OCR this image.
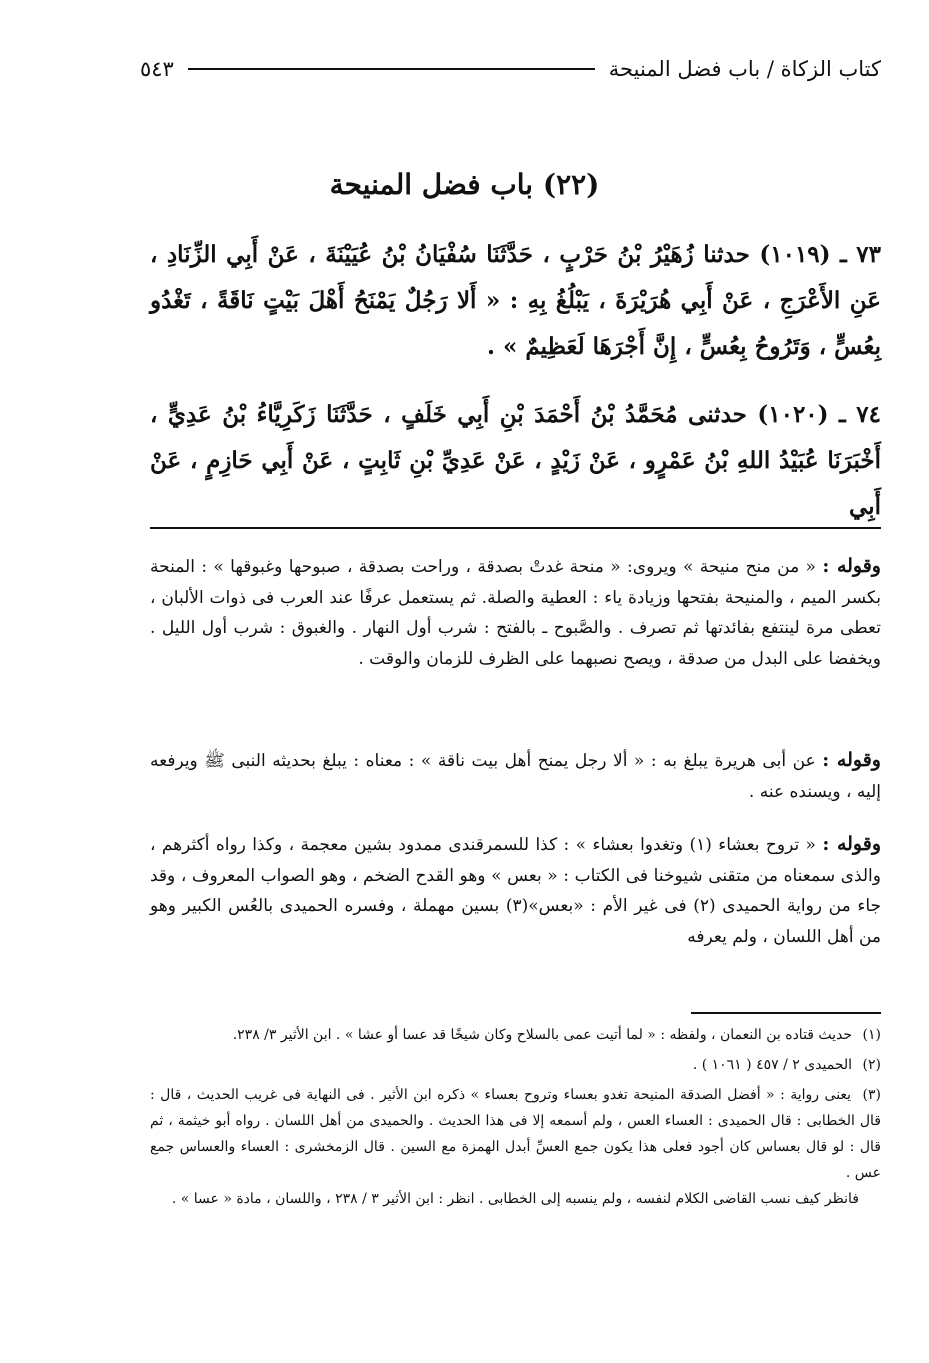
كتاب الزكاة / باب فضل المنيحة
٥٤٣
(٢٢) باب فضل المنيحة
٧٣ ـ (١٠١٩) حدثنا زُهَيْرُ بْنُ حَرْبٍ ، حَدَّثَنَا سُفْيَانُ بْنُ عُيَيْنَةَ ، عَنْ أَبِي الزِّنَادِ ، عَنِ الأَعْرَجِ ، عَنْ أَبِي هُرَيْرَةَ ، يَبْلُغُ بِهِ : « أَلا رَجُلٌ يَمْنَحُ أَهْلَ بَيْتٍ نَاقَةً ، تَغْدُو بِعُسٍّ ، وَتَرُوحُ بِعُسٍّ ، إِنَّ أَجْرَهَا لَعَظِيمٌ » .
٧٤ ـ (١٠٢٠) حدثنى مُحَمَّدُ بْنُ أَحْمَدَ بْنِ أَبِي خَلَفٍ ، حَدَّثَنَا زَكَرِيَّاءُ بْنُ عَدِيٍّ ، أَخْبَرَنَا عُبَيْدُ اللهِ بْنُ عَمْرٍو ، عَنْ زَيْدٍ ، عَنْ عَدِيِّ بْنِ ثَابِتٍ ، عَنْ أَبِي حَازِمٍ ، عَنْ أَبِي
وقوله : « من منح منيحة » ويروى: « منحة غدتْ بصدقة ، وراحت بصدقة ، صبوحها وغبوقها » : المنحة بكسر الميم ، والمنيحة بفتحها وزيادة ياء : العطية والصلة. ثم يستعمل عرفًا عند العرب فى ذوات الألبان ، تعطى مرة لينتفع بفائدتها ثم تصرف . والصَّبوح ـ بالفتح : شرب أول النهار . والغبوق : شرب أول الليل . ويخفضا على البدل من صدقة ، ويصح نصبهما على الظرف للزمان والوقت .
وقوله : عن أبى هريرة يبلغ به : « ألا رجل يمنح أهل بيت ناقة » : معناه : يبلغ بحديثه النبى ﷺ ويرفعه إليه ، ويسنده عنه .
وقوله : « تروح بعشاء (١) وتغدوا بعشاء » : كذا للسمرقندى ممدود بشين معجمة ، وكذا رواه أكثرهم ، والذى سمعناه من متقنى شيوخنا فى الكتاب : « بعس » وهو القدح الضخم ، وهو الصواب المعروف ، وقد جاء من رواية الحميدى (٢) فى غير الأم : «بعس»(٣) بسين مهملة ، وفسره الحميدى بالعُس الكبير وهو من أهل اللسان ، ولم يعرفه

(١) حديث قتاده بن النعمان ، ولفظه : « لما أتيت عمى بالسلاح وكان شيخًا قد عسا أو عشا » . ابن الأثير ٣/ ٢٣٨.

(٢) الحميدى ٢ / ٤٥٧ ( ١٠٦١ ) .

(٣) يعنى رواية : « أفضل الصدقة المنيحة تغدو بعساء وتروح بعساء » ذكره ابن الأثير . فى النهاية فى غريب الحديث ، قال : قال الخطابى : قال الحميدى : العساء العس ، ولم أسمعه إلا فى هذا الحديث . والحميدى من أهل اللسان . رواه أبو خيثمة ، ثم قال : لو قال بعساس كان أجود فعلى هذا يكون جمع العسِّ أبدل الهمزة مع السين . قال الزمخشرى : العساء والعساس جمع عس .
فانظر كيف نسب القاضى الكلام لنفسه ، ولم ينسبه إلى الخطابى . انظر : ابن الأثير ٣ / ٢٣٨ ، واللسان ، مادة « عسا » .
